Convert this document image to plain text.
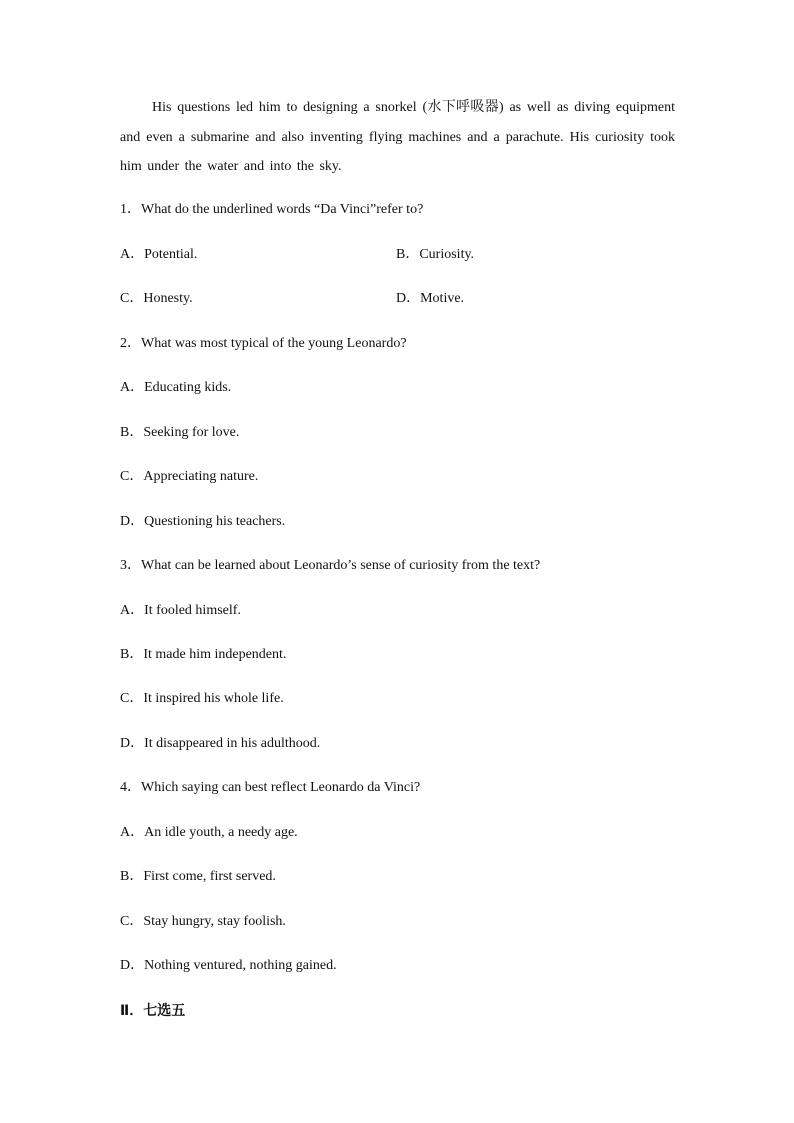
His questions led him to designing a snorkel (水下呼吸器) as well as diving equipment and even a submarine and also inventing flying machines and a parachute. His curiosity took him under the water and into the sky.

1．What do the underlined words “Da Vinci”refer to?
A．Potential.	B．Curiosity.
C．Honesty.	D．Motive.
2．What was most typical of the young Leonardo?
A．Educating kids.
B．Seeking for love.
C．Appreciating nature.
D．Questioning his teachers.
3．What can be learned about Leonardo’s sense of curiosity from the text?
A．It fooled himself.
B．It made him independent.
C．It inspired his whole life.
D．It disappeared in his adulthood.
4．Which saying can best reflect Leonardo da Vinci?
A．An idle youth, a needy age.
B．First come, first served.
C．Stay hungry, stay foolish.
D．Nothing ventured, nothing gained.
Ⅱ．七选五
